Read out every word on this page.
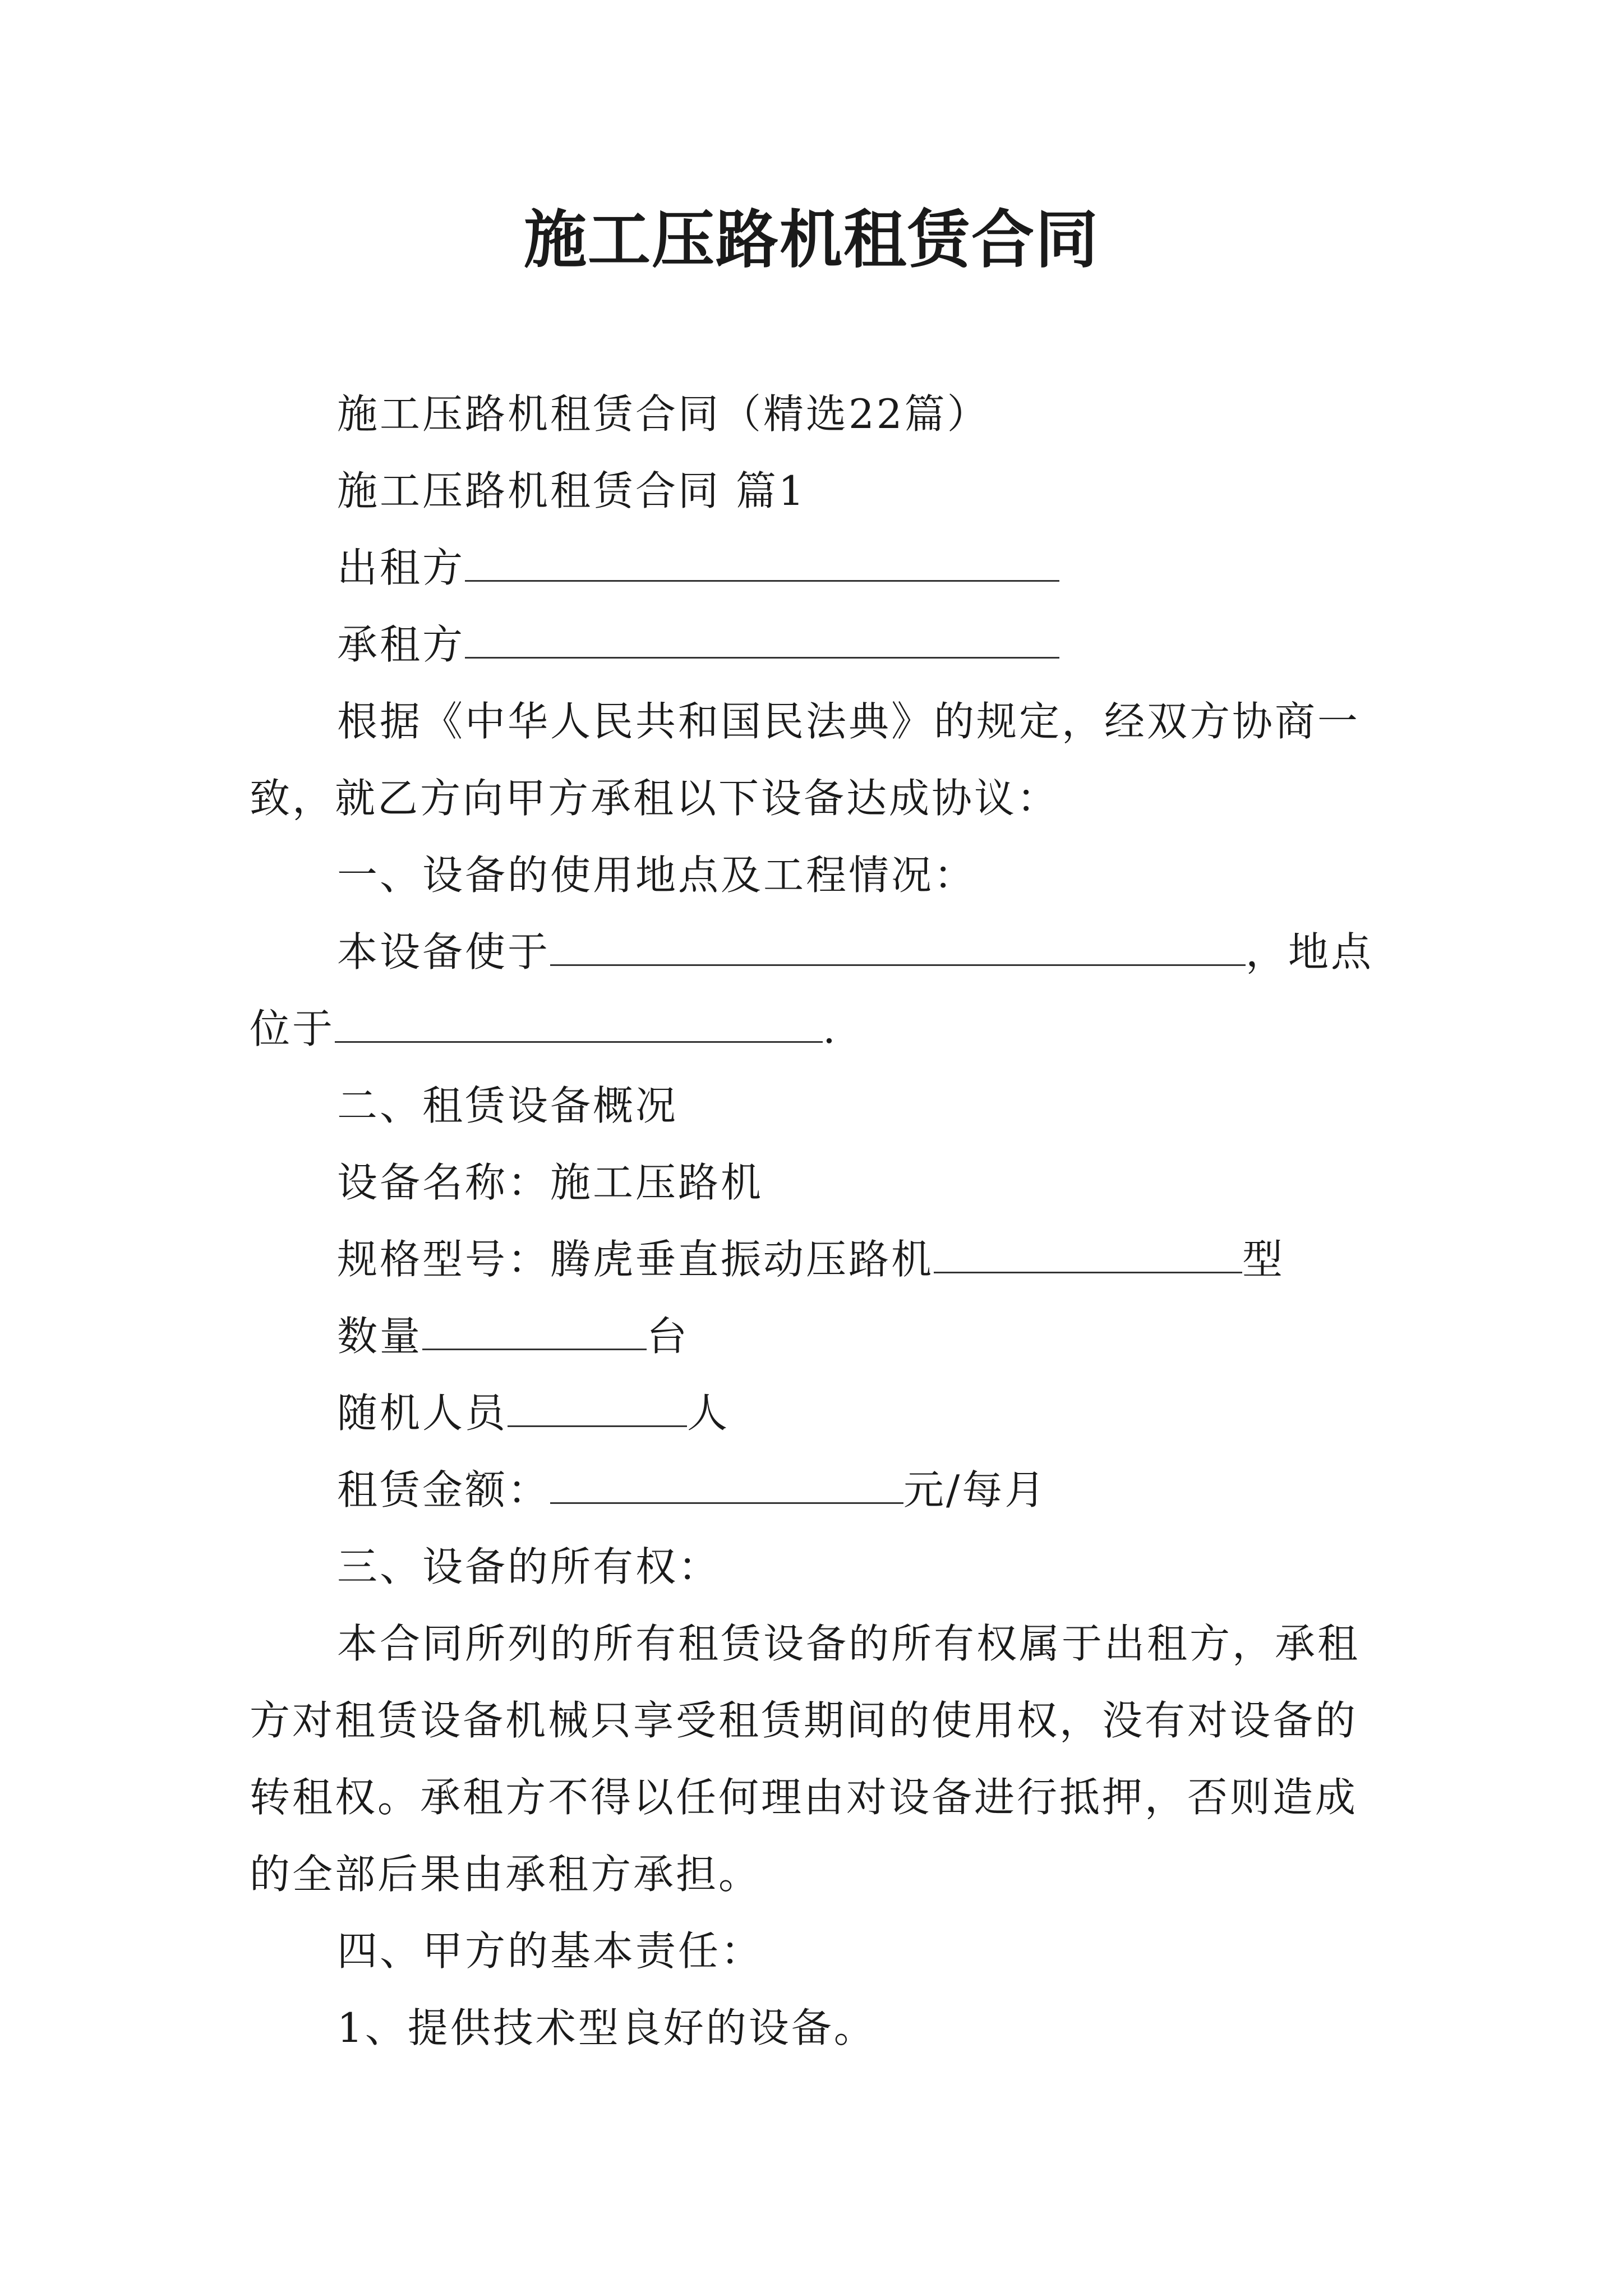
施工压路机租赁合同

施工压路机租赁合同（精选22篇）

施工压路机租赁合同 篇1

出租方

承租方

根据《中华人民共和国民法典》的规定，经双方协商一致，就乙方向甲方承租以下设备达成协议：

一、设备的使用地点及工程情况：

本设备使于	，地点位于	.

二、租赁设备概况

设备名称：施工压路机

规格型号：腾虎垂直振动压路机	型

数量	台

随机人员	人

租赁金额：	元/每月

三、设备的所有权：

本合同所列的所有租赁设备的所有权属于出租方，承租方对租赁设备机械只享受租赁期间的使用权，没有对设备的转租权。承租方不得以任何理由对设备进行抵押，否则造成的全部后果由承租方承担。

四、甲方的基本责任：

1、提供技术型良好的设备。
